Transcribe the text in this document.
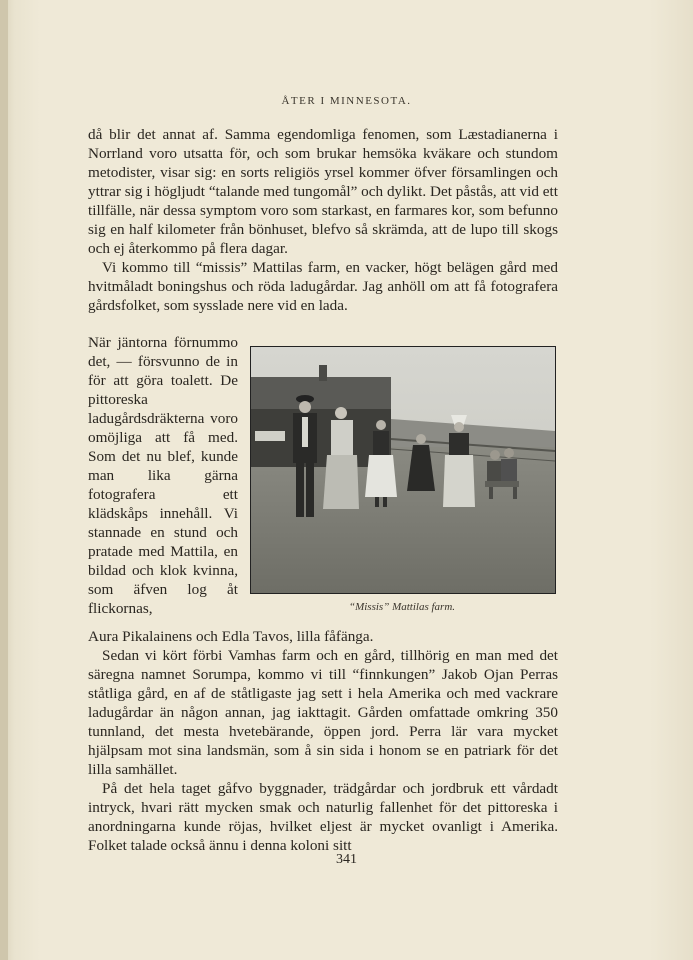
ÅTER I MINNESOTA.

då blir det annat af. Samma egendomliga fenomen, som Læstadianerna i Norrland voro utsatta för, och som brukar hemsöka kväkare och stundom metodister, visar sig: en sorts religiös yrsel kommer öfver församlingen och yttrar sig i högljudt “talande med tungomål” och dylikt. Det påstås, att vid ett tillfälle, när dessa symptom voro som starkast, en farmares kor, som befunno sig en half kilometer från bönhuset, blefvo så skrämda, att de lupo till skogs och ej återkommo på flera dagar.

Vi kommo till “missis” Mattilas farm, en vacker, högt belägen gård med hvitmåladt boningshus och röda ladugårdar. Jag anhöll om att få fotografera gårdsfolket, som sysslade nere vid en lada.

När jäntorna förnummo det, — försvunno de in för att göra toalett. De pittoreska ladugårdsdräkterna voro omöjliga att få med. Som det nu blef, kunde man lika gärna fotografera ett klädskåps innehåll. Vi stannade en stund och pratade med Mattila, en bildad och klok kvinna, som äfven log åt flickornas,	“Missis” Mattilas farm.

Aura Pikalainens och Edla Tavos, lilla fåfänga.

Sedan vi kört förbi Vamhas farm och en gård, tillhörig en man med det säregna namnet Sorumpa, kommo vi till “finnkungen” Jakob Ojan Perras ståtliga gård, en af de ståtligaste jag sett i hela Amerika och med vackrare ladugårdar än någon annan, jag iakttagit. Gården omfattade omkring 350 tunnland, det mesta hvetebärande, öppen jord. Perra lär vara mycket hjälpsam mot sina landsmän, som å sin sida i honom se en patriark för det lilla samhället.

På det hela taget gåfvo byggnader, trädgårdar och jordbruk ett vårdadt intryck, hvari rätt mycken smak och naturlig fallenhet för det pittoreska i anordningarna kunde röjas, hvilket eljest är mycket ovanligt i Amerika. Folket talade också ännu i denna koloni sitt

341
